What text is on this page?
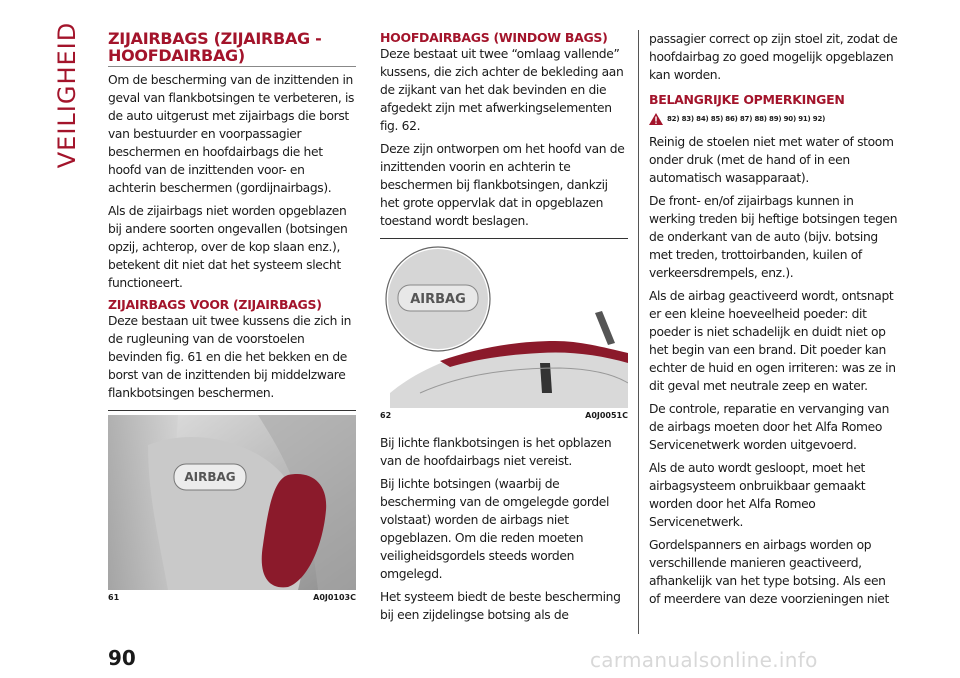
VEILIGHEID ZIJAIRBAGS (ZIJAIRBAG - HOOFDAIRBAG)

Om de bescherming van de inzittenden in geval van flankbotsingen te verbeteren, is de auto uitgerust met zijairbags die borst van bestuurder en voorpassagier beschermen en hoofdairbags die het hoofd van de inzittenden voor- en achterin beschermen (gordijnairbags).

Als de zijairbags niet worden opgeblazen bij andere soorten ongevallen (botsingen opzij, achterop, over de kop slaan enz.), betekent dit niet dat het systeem slecht functioneert.

ZIJAIRBAGS VOOR (ZIJAIRBAGS)

Deze bestaan uit twee kussens die zich in de rugleuning van de voorstoelen bevinden fig. 61 en die het bekken en de borst van de inzittenden bij middelzware flankbotsingen beschermen.

AIRBAG
61	A0J0103C
HOOFDAIRBAGS (WINDOW BAGS)

Deze bestaat uit twee “omlaag vallende” kussens, die zich achter de bekleding aan de zijkant van het dak bevinden en die afgedekt zijn met afwerkingselementen fig. 62.

Deze zijn ontworpen om het hoofd van de inzittenden voorin en achterin te beschermen bij flankbotsingen, dankzij het grote oppervlak dat in opgeblazen toestand wordt beslagen.

AIRBAG
62	A0J0051C

Bij lichte flankbotsingen is het opblazen van de hoofdairbags niet vereist.

Bij lichte botsingen (waarbij de bescherming van de omgelegde gordel volstaat) worden de airbags niet opgeblazen. Om die reden moeten veiligheidsgordels steeds worden omgelegd.

Het systeem biedt de beste bescherming bij een zijdelingse botsing als de

passagier correct op zijn stoel zit, zodat de hoofdairbag zo goed mogelijk opgeblazen kan worden.

BELANGRIJKE OPMERKINGEN
82) 83) 84) 85) 86) 87) 88) 89) 90) 91) 92)

Reinig de stoelen niet met water of stoom onder druk (met de hand of in een automatisch wasapparaat).

De front- en/of zijairbags kunnen in werking treden bij heftige botsingen tegen de onderkant van de auto (bijv. botsing met treden, trottoirbanden, kuilen of verkeersdrempels, enz.).

Als de airbag geactiveerd wordt, ontsnapt er een kleine hoeveelheid poeder: dit poeder is niet schadelijk en duidt niet op het begin van een brand. Dit poeder kan echter de huid en ogen irriteren: was ze in dit geval met neutrale zeep en water.

De controle, reparatie en vervanging van de airbags moeten door het Alfa Romeo Servicenetwerk worden uitgevoerd.

Als de auto wordt gesloopt, moet het airbagsysteem onbruikbaar gemaakt worden door het Alfa Romeo Servicenetwerk.

Gordelspanners en airbags worden op verschillende manieren geactiveerd, afhankelijk van het type botsing. Als een of meerdere van deze voorzieningen niet

90	carmanualsonline.info
